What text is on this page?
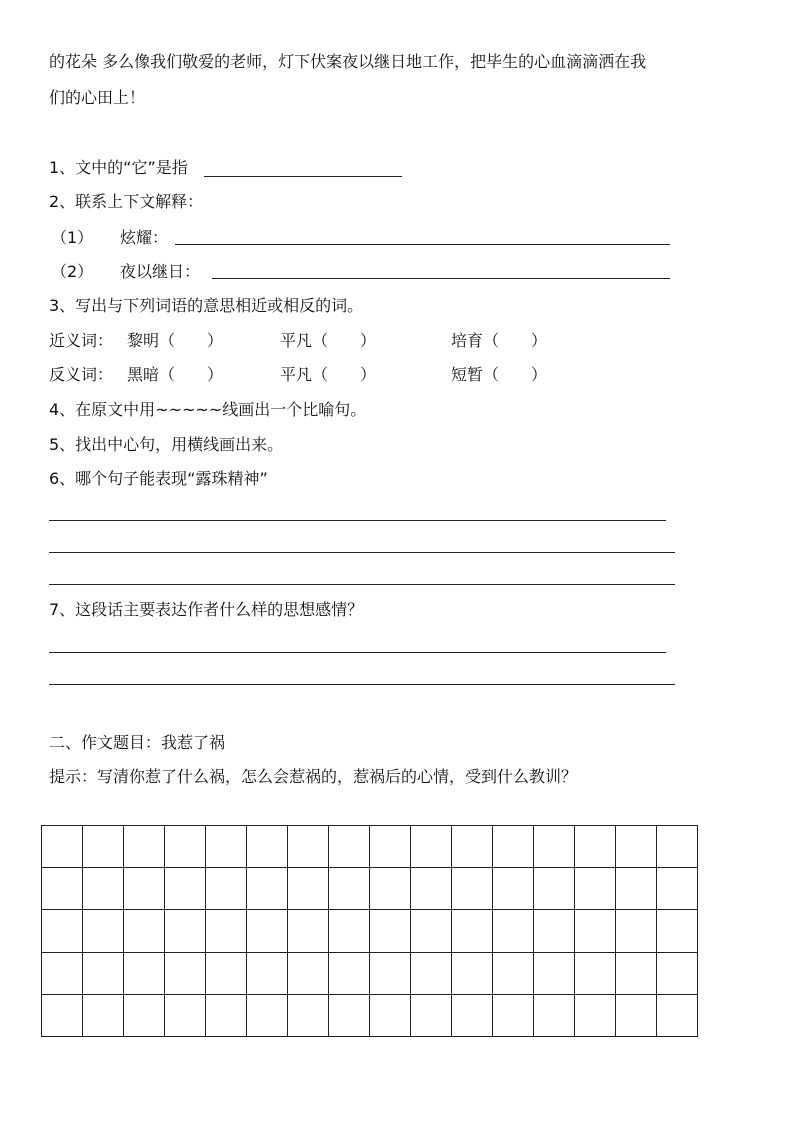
的花朵 多么像我们敬爱的老师，灯下伏案夜以继日地工作，把毕生的心血滴滴洒在我
们的心田上！
1、文中的“它”是指
2、联系上下文解释：
（1） 炫耀：
（2） 夜以继日：
3、写出与下列词语的意思相近或相反的词。
近义词： 黎明（　　）	平凡（　　）	培育（　　）
反义词： 黑暗（　　）	平凡（　　）	短暂（　　）
4、在原文中用~~~~~线画出一个比喻句。
5、找出中心句，用横线画出来。
6、哪个句子能表现“露珠精神”
7、这段话主要表达作者什么样的思想感情？
二、作文题目：我惹了祸
提示：写清你惹了什么祸，怎么会惹祸的，惹祸后的心情，受到什么教训？
